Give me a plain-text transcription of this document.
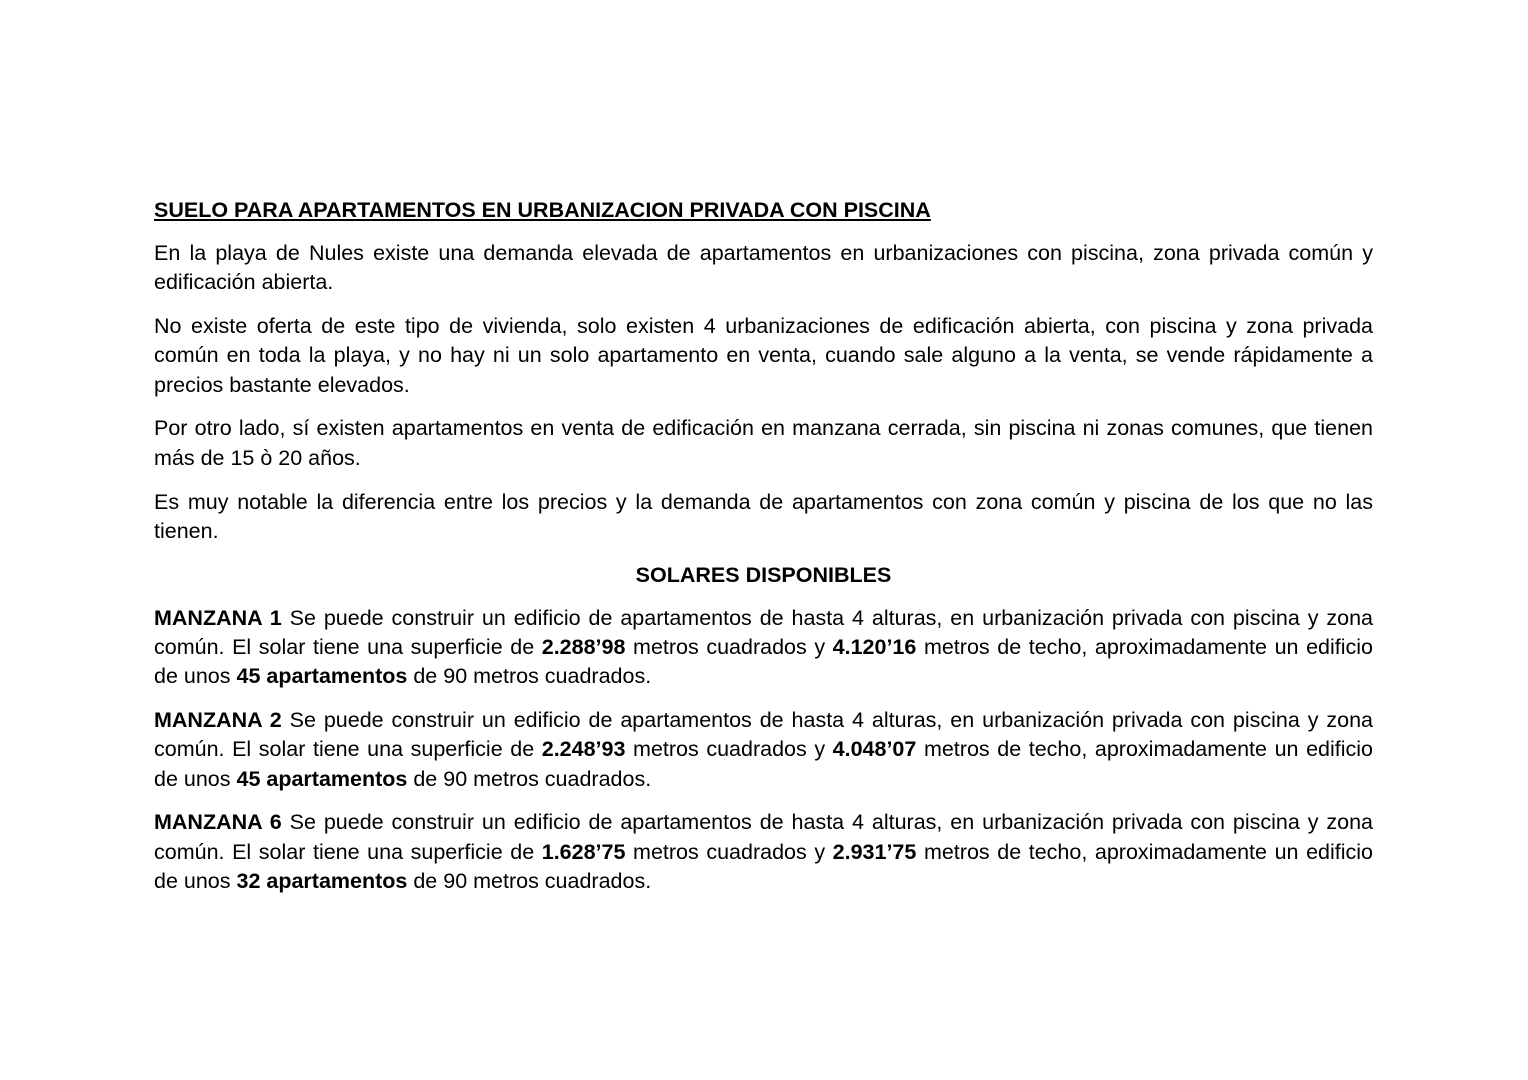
SUELO PARA APARTAMENTOS EN URBANIZACION PRIVADA CON PISCINA
En la playa de Nules existe una demanda elevada de apartamentos en urbanizaciones con piscina, zona privada común y edificación abierta.
No existe oferta de este tipo de vivienda, solo existen 4 urbanizaciones de edificación abierta, con piscina y zona privada común en toda la playa, y no hay ni un solo apartamento en venta, cuando sale alguno a la venta, se vende rápidamente a precios bastante elevados.
Por otro lado, sí existen apartamentos en venta de edificación en manzana cerrada, sin piscina ni zonas comunes, que tienen más de 15 ò 20 años.
Es muy notable la diferencia entre los precios y la demanda de apartamentos con zona común y piscina de los que no las tienen.
SOLARES DISPONIBLES
MANZANA 1 Se puede construir un edificio de apartamentos de hasta 4 alturas, en urbanización privada con piscina y zona común. El solar tiene una superficie de 2.288’98 metros cuadrados y 4.120’16 metros de techo, aproximadamente un edificio de unos 45 apartamentos de 90 metros cuadrados.
MANZANA 2 Se puede construir un edificio de apartamentos de hasta 4 alturas, en urbanización privada con piscina y zona común. El solar tiene una superficie de 2.248’93 metros cuadrados y 4.048’07 metros de techo, aproximadamente un edificio de unos 45 apartamentos de 90 metros cuadrados.
MANZANA 6 Se puede construir un edificio de apartamentos de hasta 4 alturas, en urbanización privada con piscina y zona común. El solar tiene una superficie de 1.628’75 metros cuadrados y 2.931’75 metros de techo, aproximadamente un edificio de unos 32 apartamentos de 90 metros cuadrados.
